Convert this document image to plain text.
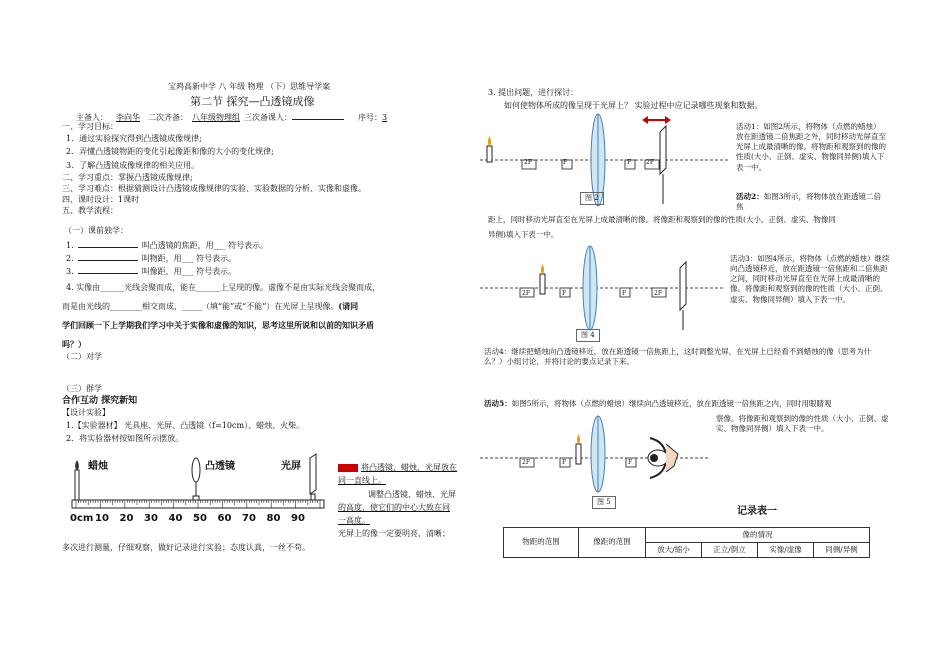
宝鸡高新中学 八 年级 物理 （下）思维导学案
第二节 探究—凸透镜成像
主备人： 李向华 二次齐备： 八年级物理组 三次备课人：	序号：3
一、学习目标：
1．通过实验探究得到凸透镜成像规律;
2．弄懂凸透镜物距的变化引起像距和像的大小的变化规律;
3．了解凸透镜成像规律的相关应用。
二、学习重点：掌握凸透镜成像规律;
三、学习难点：根据猜测设计凸透镜成像规律的实验、实验数据的分析、实像和虚像。
四、课时设计：1课时
五、教学流程：
（一）课前独学：
1.	叫凸透镜的焦距，用___ 符号表示。
2.	叫物距，用___ 符号表示。
3.	叫像距，用___ 符号表示。
4. 实像由______光线会聚而成，能在______上呈现的像。虚像不是由实际光线会聚而成，
而是由光线的________相交而成，_____（填“能”或“不能”）在光屏上呈现像。(请同
学们回顾一下上学期我们学习中关于实像和虚像的知识，思考这里所说和以前的知识矛盾
吗？）
（二）对学
（三）群学
合作互动 探究新知
【设计实验】
1.【实验器材】 光具座、光屏、凸透镜（f=10cm）、蜡烛、火柴。
2．将实验器材按如图所示摆放。
蜡烛	凸透镜	光屏
0cm 10 20 30 40 50 60 70 80 90
将凸透镜、蜡烛、光屏放在
同一直线上。
调整凸透镜、蜡烛、光屏
的高度，使它们的中心大致在同
一高度。
光屏上的像一定要明亮，清晰；
多次进行测量，仔细观察，做好记录进行实验；态度认真，一丝不苟。
3. 提出问题，进行探讨：
如何使物体所成的像呈现于光屏上？ 实验过程中应记录哪些现象和数据。
2F	F	F 2F
图 2
活动1：如图2所示，将物体（点燃的蜡烛）放在距透镜二倍焦距之外，同时移动光屏直至光屏上成最清晰的像。将物距和观察到的像的性质(大小、正倒、虚实、物像同异侧)填入下表一中。
活动2：如图3所示，将物体放在距透镜二倍焦
距上，同时移动光屏直至在光屏上成最清晰的像。将像距和观察到的像的性质(大小、正倒、虚实、物像同
异侧)填入下表一中。
2F	F	F	2F
图 4
活动3：如图4所示，将物体（点燃的蜡烛）继续向凸透镜移近，放在距透镜一倍焦距和二倍焦距之间，同时移动光屏直至在光屏上成最清晰的像。将像距和观察到的像的性质（大小、正倒、虚实、物像同异侧）填入下表一中。
活动4：继续把蜡烛向凸透镜移近，放在距透镜一倍焦距上，这时调整光屏，在光屏上已经看不到蜡烛的像（思考为什么？）小组讨论，并将讨论的要点记录下来。
活动5：如图5所示，将物体（点燃的蜡烛）继续向凸透镜移近，放在距透镜一倍焦距之内，同时用眼睛观
察像。将像距和观察到的像的性质（大小、正倒、虚实、物像同异侧）填入下表一中。
2F	F	F
图 5
记录表一
物距的范围	像距的范围	像的情况			
		放大/缩小	正立/倒立	实像/虚像	同侧/异侧
